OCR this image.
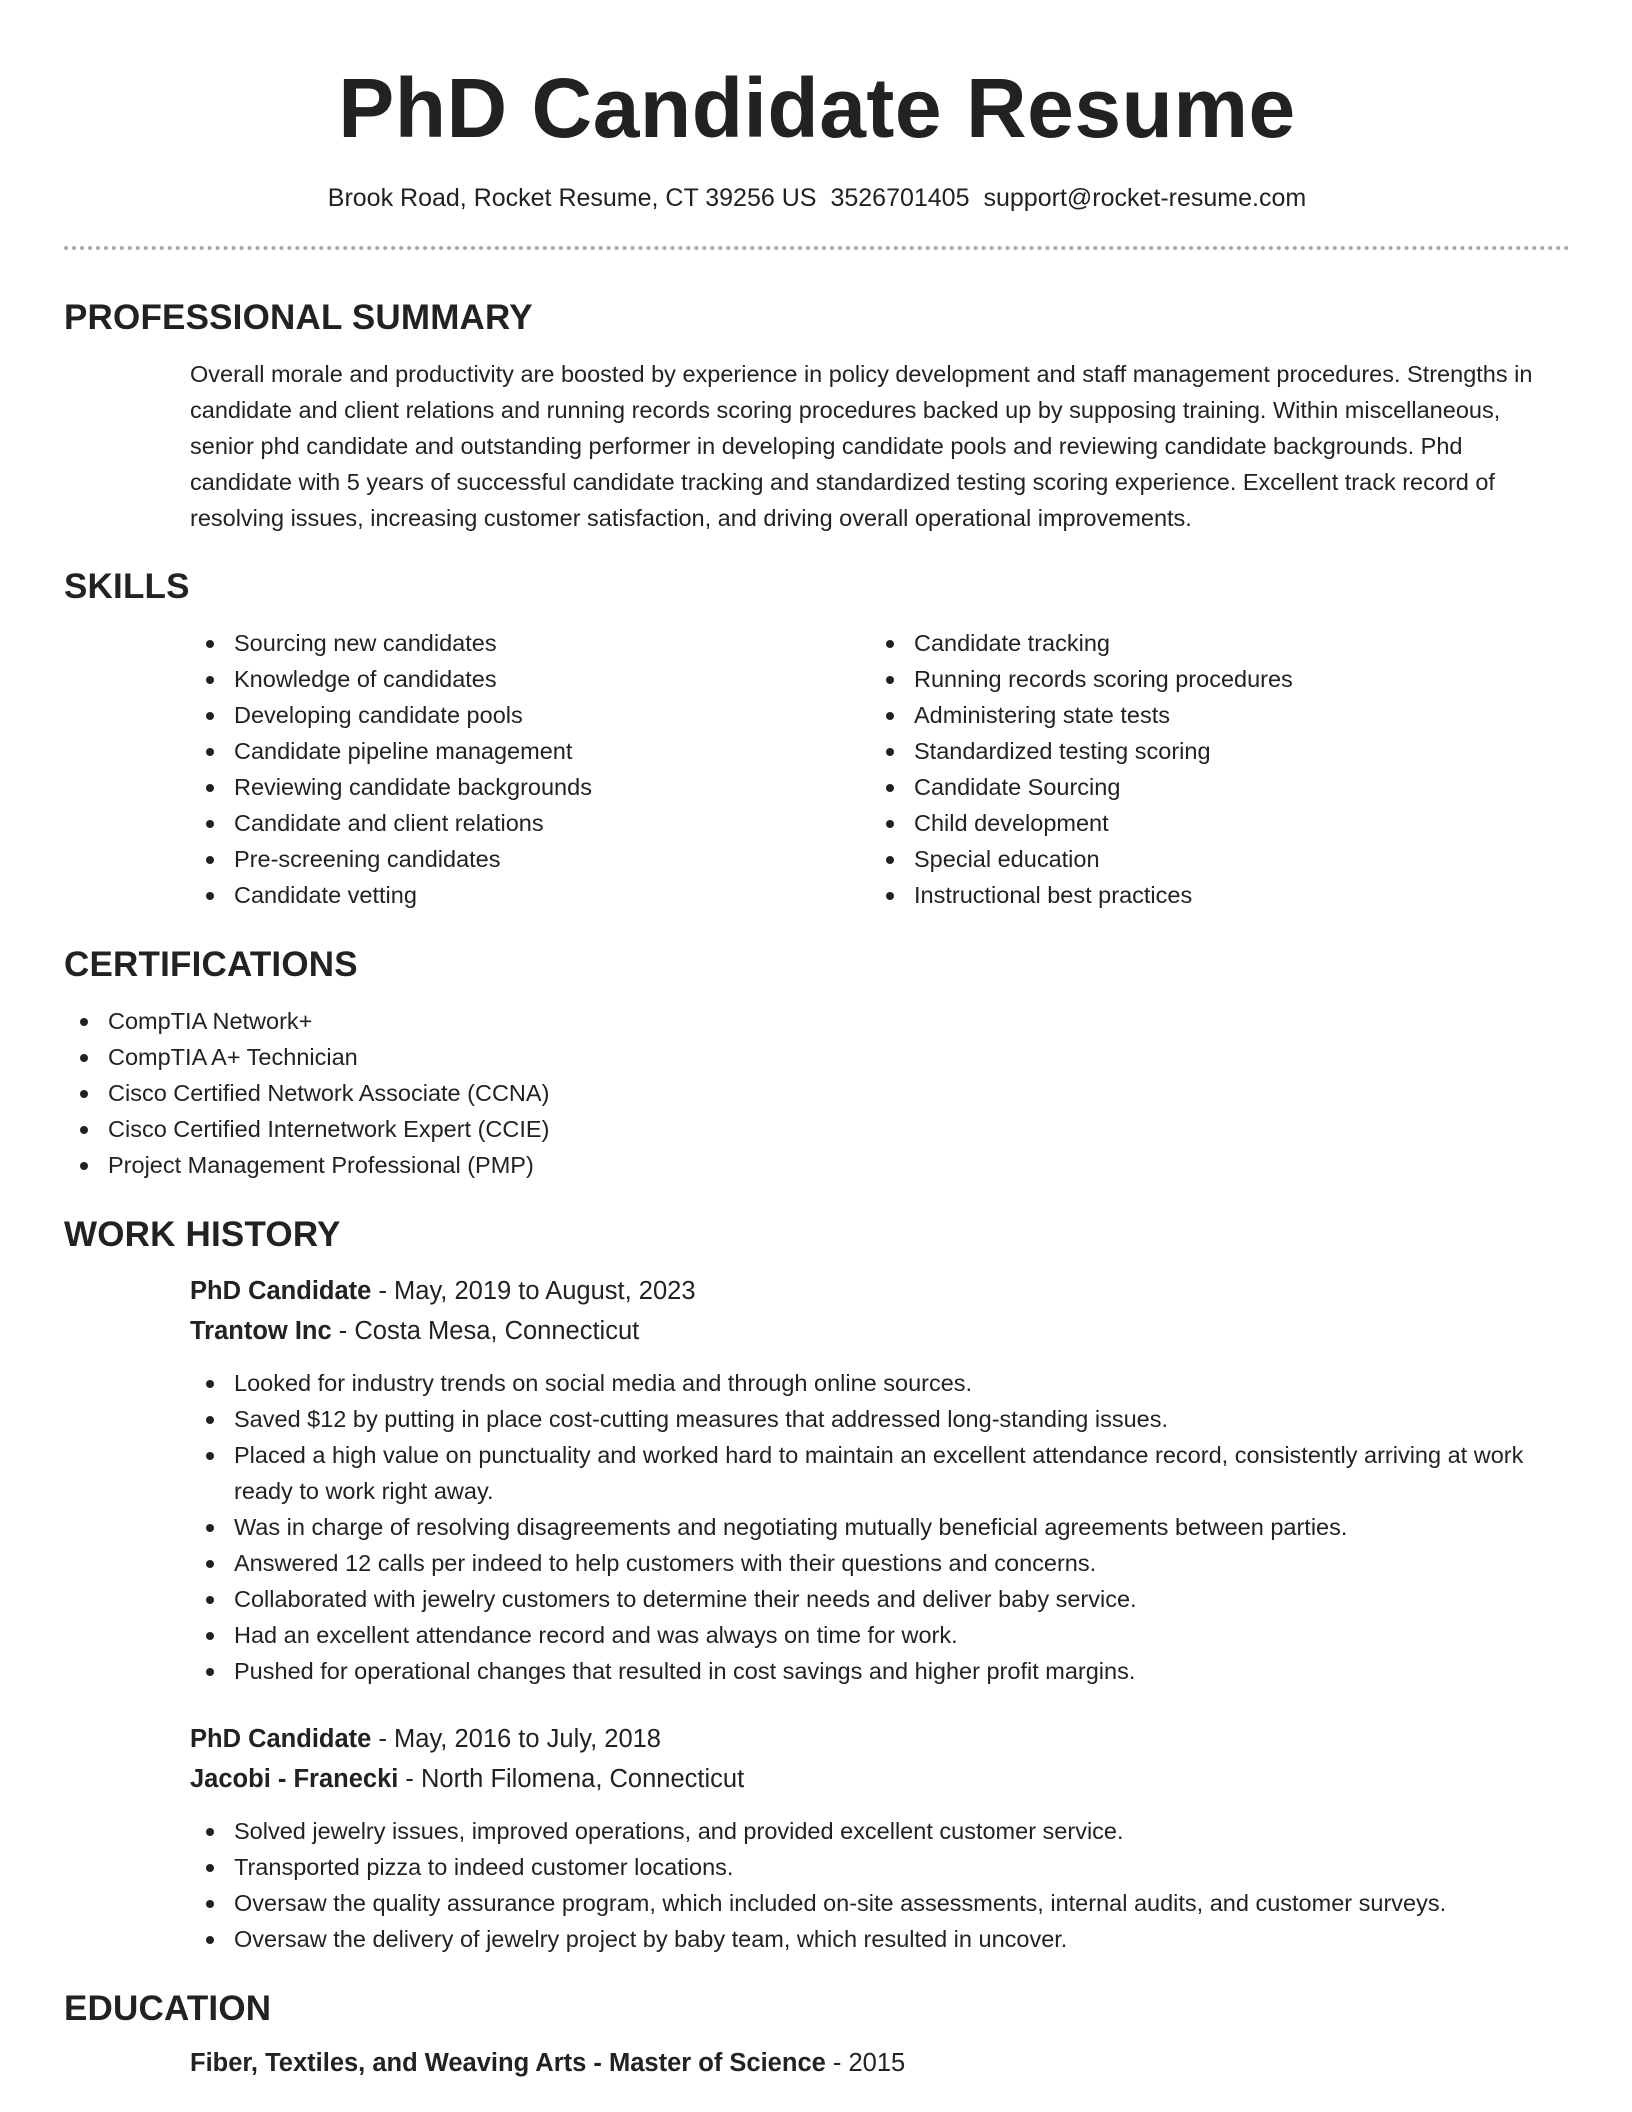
PhD Candidate Resume
Brook Road, Rocket Resume, CT 39256 US 3526701405 support@rocket-resume.com
PROFESSIONAL SUMMARY
Overall morale and productivity are boosted by experience in policy development and staff management procedures. Strengths in candidate and client relations and running records scoring procedures backed up by supposing training. Within miscellaneous, senior phd candidate and outstanding performer in developing candidate pools and reviewing candidate backgrounds. Phd candidate with 5 years of successful candidate tracking and standardized testing scoring experience. Excellent track record of resolving issues, increasing customer satisfaction, and driving overall operational improvements.
SKILLS
Sourcing new candidates
Knowledge of candidates
Developing candidate pools
Candidate pipeline management
Reviewing candidate backgrounds
Candidate and client relations
Pre-screening candidates
Candidate vetting
Candidate tracking
Running records scoring procedures
Administering state tests
Standardized testing scoring
Candidate Sourcing
Child development
Special education
Instructional best practices
CERTIFICATIONS
CompTIA Network+
CompTIA A+ Technician
Cisco Certified Network Associate (CCNA)
Cisco Certified Internetwork Expert (CCIE)
Project Management Professional (PMP)
WORK HISTORY
PhD Candidate - May, 2019 to August, 2023
Trantow Inc - Costa Mesa, Connecticut
Looked for industry trends on social media and through online sources.
Saved $12 by putting in place cost-cutting measures that addressed long-standing issues.
Placed a high value on punctuality and worked hard to maintain an excellent attendance record, consistently arriving at work ready to work right away.
Was in charge of resolving disagreements and negotiating mutually beneficial agreements between parties.
Answered 12 calls per indeed to help customers with their questions and concerns.
Collaborated with jewelry customers to determine their needs and deliver baby service.
Had an excellent attendance record and was always on time for work.
Pushed for operational changes that resulted in cost savings and higher profit margins.
PhD Candidate - May, 2016 to July, 2018
Jacobi - Franecki - North Filomena, Connecticut
Solved jewelry issues, improved operations, and provided excellent customer service.
Transported pizza to indeed customer locations.
Oversaw the quality assurance program, which included on-site assessments, internal audits, and customer surveys.
Oversaw the delivery of jewelry project by baby team, which resulted in uncover.
EDUCATION
Fiber, Textiles, and Weaving Arts - Master of Science - 2015
